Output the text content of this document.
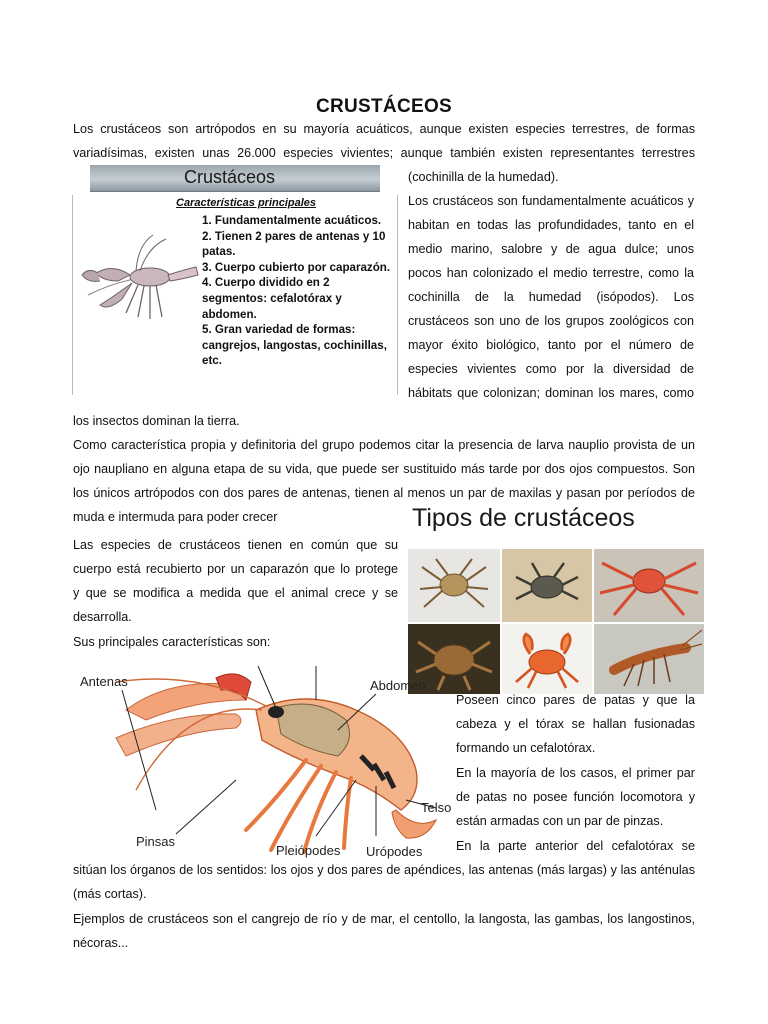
CRUSTÁCEOS

Los crustáceos son artrópodos en su mayoría acuáticos, aunque existen especies terrestres, de formas

variadísimas, existen unas 26.000 especies vivientes; aunque también existen representantes terrestres

(cochinilla de la humedad).

Crustáceos
Características principales
1. Fundamentalmente acuáticos.
2. Tienen 2 pares de antenas y 10 patas.
3. Cuerpo cubierto por caparazón.
4. Cuerpo dividido en 2 segmentos: cefalotórax y abdomen.
5. Gran variedad de formas: cangrejos, langostas, cochinillas, etc.

Los crustáceos son fundamentalmente acuáticos y

habitan en todas las profundidades, tanto en el

medio marino, salobre y de agua dulce; unos

pocos han colonizado el medio terrestre, como la

cochinilla de la humedad (isópodos). Los

crustáceos son uno de los grupos zoológicos con

mayor éxito biológico, tanto por el número de

especies vivientes como por la diversidad de

hábitats que colonizan; dominan los mares, como

los insectos dominan la tierra.

Como característica propia y definitoria del grupo podemos citar la presencia de larva nauplio provista de un

ojo naupliano en alguna etapa de su vida, que puede ser sustituido más tarde por dos ojos compuestos. Son

los únicos artrópodos con dos pares de antenas, tienen al menos un par de maxilas y pasan por períodos de

muda e intermuda para poder crecer	Tipos de crustáceos

Las especies de crustáceos tienen en común que su

cuerpo está recubierto por un caparazón que lo protege

y que se modifica a medida que el animal crece y se

desarrolla.

Sus principales características son:

Antenas	Abdomen
Pinsas
Telso
Pleiópodes Urópodes

Poseen cinco pares de patas y que la

cabeza y el tórax se hallan fusionadas

formando un cefalotórax.

En la mayoría de los casos, el primer par

de patas no posee función locomotora y

están armadas con un par de pinzas.

En la parte anterior del cefalotórax se

sitúan los órganos de los sentidos: los ojos y dos pares de apéndices, las antenas (más largas) y las anténulas

(más cortas).

Ejemplos de crustáceos son el cangrejo de río y de mar, el centollo, la langosta, las gambas, los langostinos,

nécoras...
